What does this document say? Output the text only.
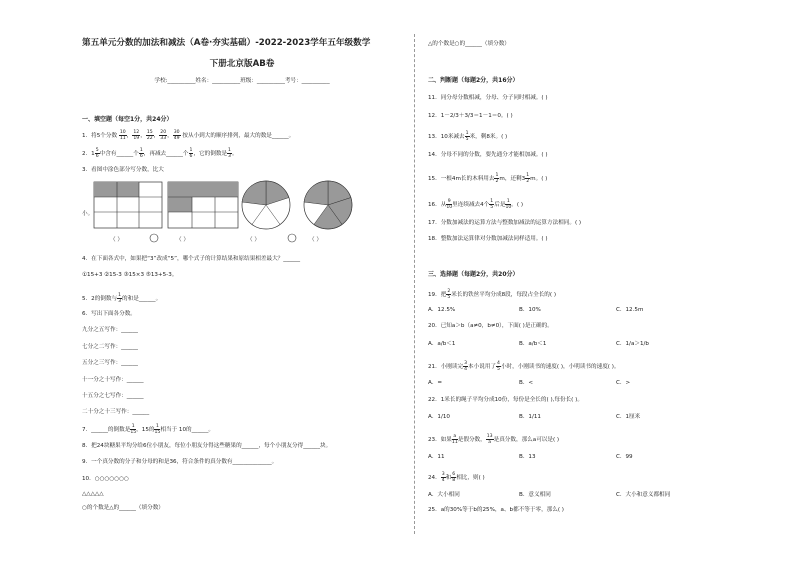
第五单元分数的加法和减法（A卷·夯实基础）-2022-2023学年五年级数学
下册北京版AB卷
学校:__________姓名：__________班级：__________考号：__________
一、填空题（每空1分，共24分）
1．将5个分数 $\frac{10}{11}$ ， $\frac{12}{19}$ ， $\frac{15}{22}$ ， $\frac{20}{33}$ ， $\frac{30}{49}$ 按从小到大的顺序排列，最大的数是______。
2．$1 \frac{5}{6}$ 中含有______个 $\frac{1}{6}$ ，再减去______个 $\frac{1}{6}$ ，它的倒数是 $\frac{1}{3}$ 。
3．看图中涂色部分写分数，比大
小。
（ ）	（ ）	（ ）	（ ）
4．在下面各式中，如果把“3”改成“5”，哪个式子的计算结果和原结果相差最大？______
①15+3 ②15-3 ③15×3 ⑤13+5-3。
5．2的倒数与 $\frac{1}{3}$ 的和是______。
6．写出下面各分数。
九分之五写作：______
七分之二写作：______
五分之三写作：______
十一分之十写作：______
十五分之七写作：______
二十分之十三写作：______
7．______的倒数是 $\frac{1}{15}$ ，15的 $\frac{1}{15}$ 相当于 10的______。
8．把24块糖果平均分给6位小朋友，每位小朋友分得这些糖果的______，每个小朋友分得______块。
9．一个真分数的分子和分母的和是36，符合条件的真分数有______________。
10．○○○○○○○
△△△△△
○的个数是△的______（填分数）
△的个数是○的______（填分数）
二、判断题（每题2分，共16分）
11．同分母分数相减，分母、分子同时相减。( )
12．1－2/3＋3/3＝1－1＝0。( )
13．10米减去 $\frac{1}{5}$ 米，剩8米。( )
14．分母不同的分数，要先通分才能相加减。( )
15．一根4m长的木料用去 $\frac{1}{2}$ m，还剩$3 \frac{1}{2}$ m。( )
16．从 $\frac{9}{10}$ 里连续减去4个 $\frac{1}{5}$ 后是 $\frac{1}{10}$ 。( )
17．分数加减法的运算方法与整数加减法的运算方法相同。( )
18．整数加法运算律对分数加减法同样适用。( )
三、选择题（每题2分，共20分）
19．把 $\frac{2}{5}$ 米长的铁丝平均分成8段，每段占全长的( )
A．12.5%	B．10%	C．12.5m
20．已知a＞b（a≠0，b≠0），下面( )是正确的。
A．a/b＜1	B．a/b＜1	C．1/a＞1/b
21．小刚读完 $\frac{3}{4}$ 本小说用了 $\frac{4}{5}$ 小时，小刚读书的速度( )，小明读书的速度( )。
A．=	B．<	C．>
22．1米长的绳子平均分成10份，每份是全长的( ),每份长( )。
A．1/10	B．1/11	C．1厘米
23．如果 $\frac{a}{11}$ 是假分数， $\frac{13}{a}$ 是真分数，那么a可以是( )
A．11	B．13	C．99
24． $\frac{3}{4}$ 和 $\frac{6}{8}$ 相比，则( )
A．大小相同	B．意义相同	C．大小和意义都相同
25．a的30%等于b的25%，a、b都不等于零，那么( )
